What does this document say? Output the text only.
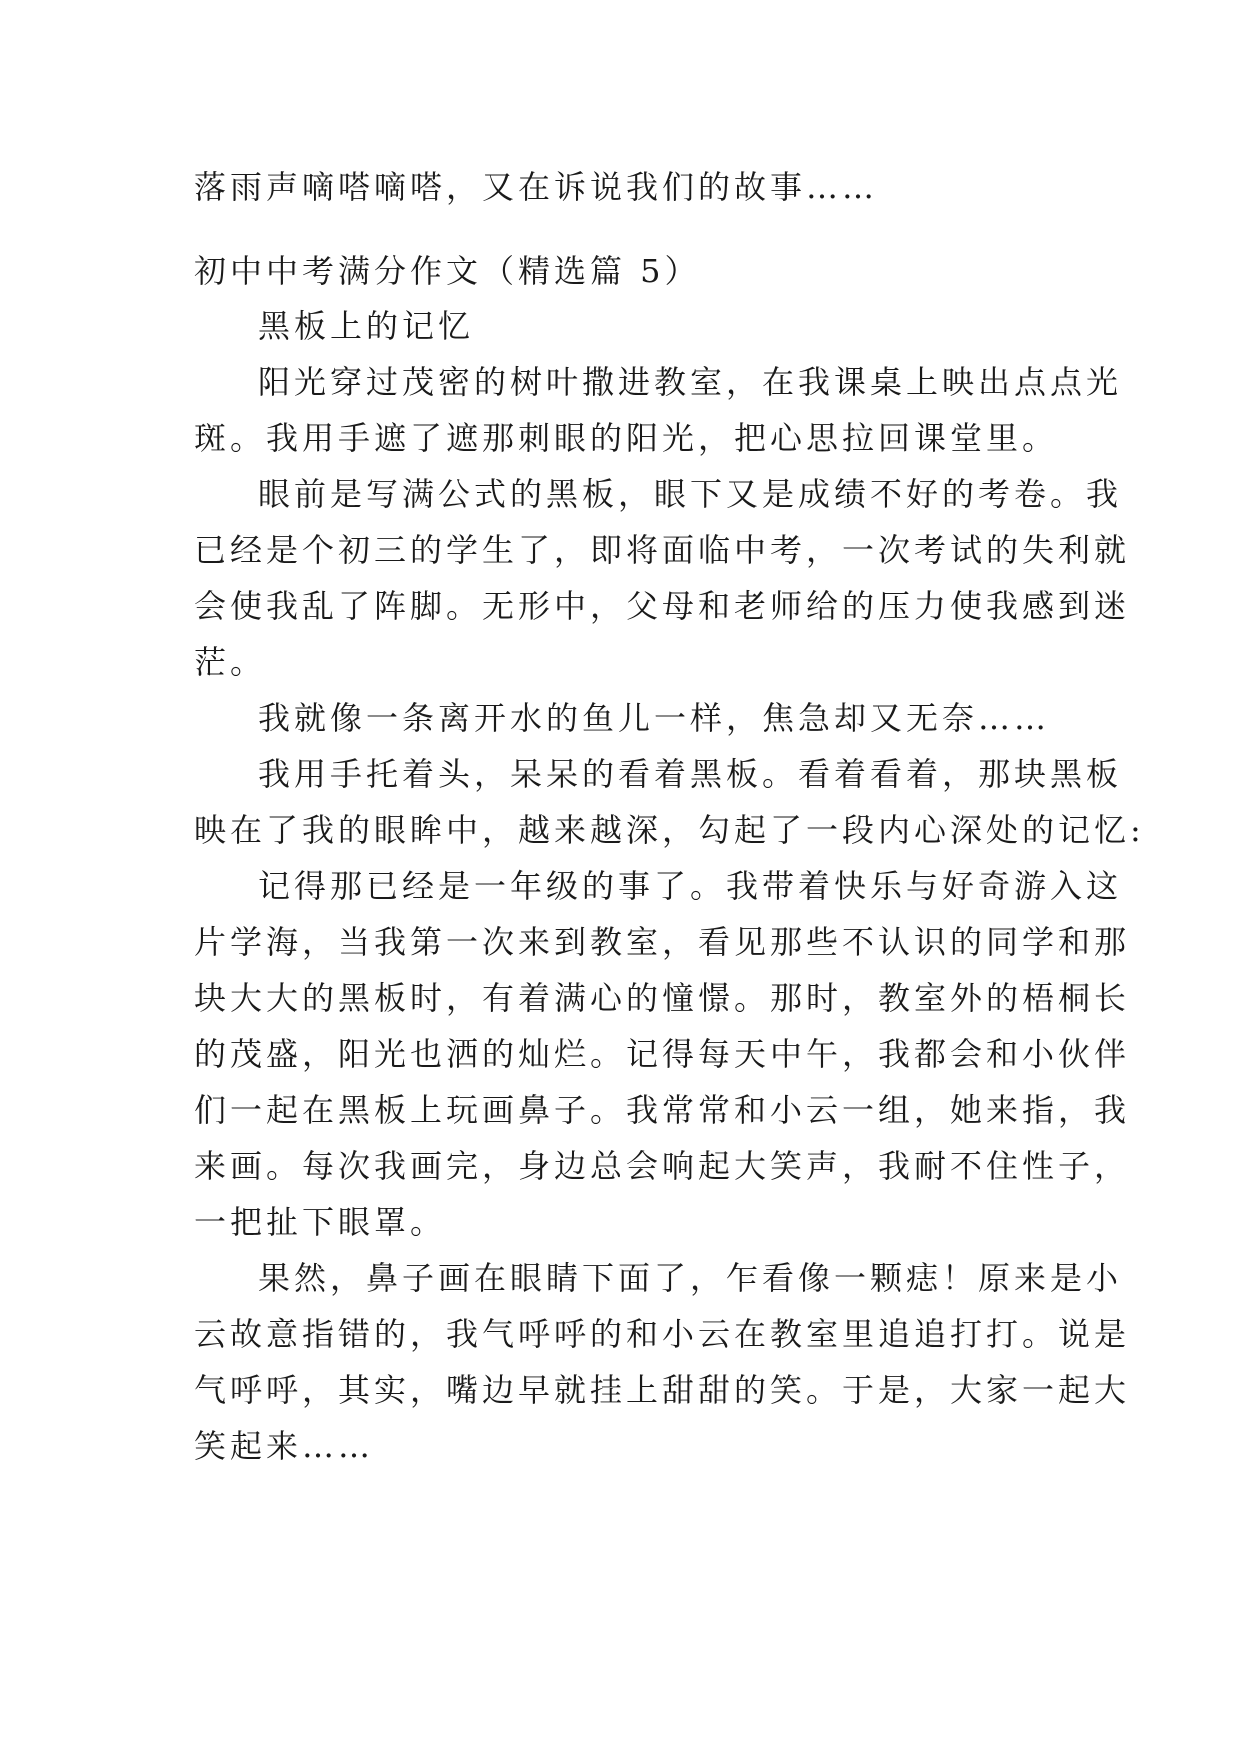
落雨声嘀嗒嘀嗒，又在诉说我们的故事……
初中中考满分作文（精选篇 5）
黑板上的记忆
阳光穿过茂密的树叶撒进教室，在我课桌上映出点点光
斑。我用手遮了遮那刺眼的阳光，把心思拉回课堂里。
眼前是写满公式的黑板，眼下又是成绩不好的考卷。我
已经是个初三的学生了，即将面临中考，一次考试的失利就
会使我乱了阵脚。无形中，父母和老师给的压力使我感到迷
茫。
我就像一条离开水的鱼儿一样，焦急却又无奈……
我用手托着头，呆呆的看着黑板。看着看着，那块黑板
映在了我的眼眸中，越来越深，勾起了一段内心深处的记忆:
记得那已经是一年级的事了。我带着快乐与好奇游入这
片学海，当我第一次来到教室，看见那些不认识的同学和那
块大大的黑板时，有着满心的憧憬。那时，教室外的梧桐长
的茂盛，阳光也洒的灿烂。记得每天中午，我都会和小伙伴
们一起在黑板上玩画鼻子。我常常和小云一组，她来指，我
来画。每次我画完，身边总会响起大笑声，我耐不住性子，
一把扯下眼罩。
果然，鼻子画在眼睛下面了，乍看像一颗痣！原来是小
云故意指错的，我气呼呼的和小云在教室里追追打打。说是
气呼呼，其实，嘴边早就挂上甜甜的笑。于是，大家一起大
笑起来……
